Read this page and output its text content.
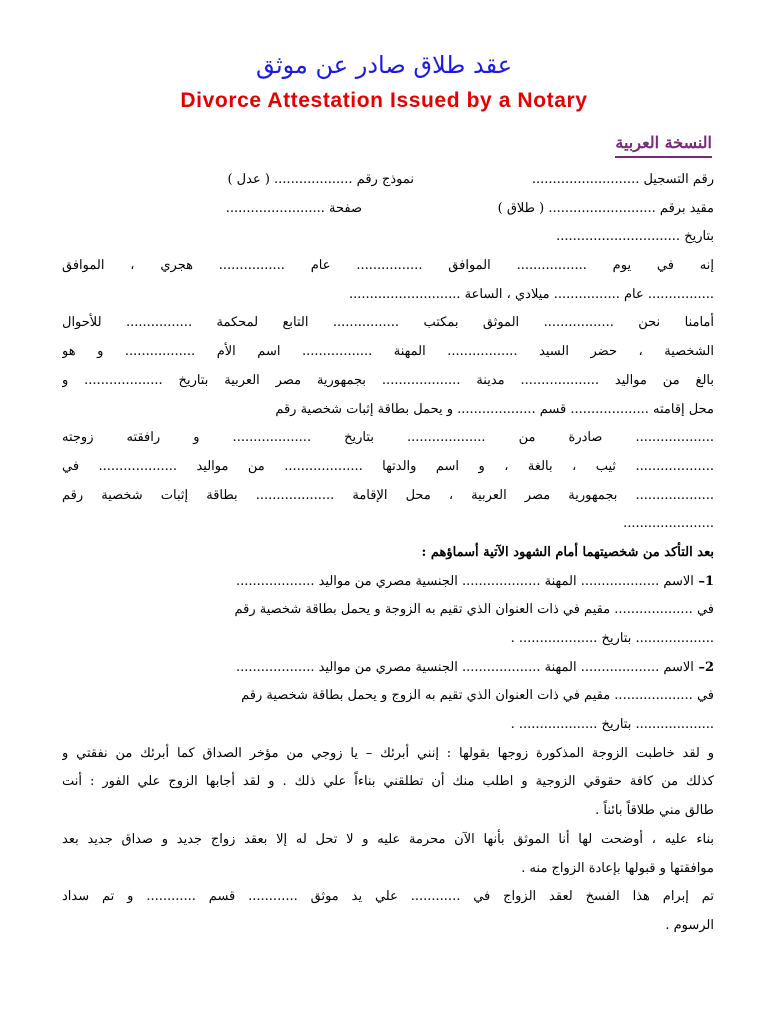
عقد طلاق صادر عن موثق
Divorce Attestation Issued by a Notary
النسخة العربية
رقم التسجيل ..........................
نموذج رقم ................... ( عدل )
مقيد برقم .......................... ( طلاق )
صفحة ........................
بتاريخ ..............................
إنه في يوم ................. الموافق ................ عام ................ هجري ، الموافق
................ عام ................ ميلادي ، الساعة ...........................
أمامنا نحن ................. الموثق بمكتب ................ التابع لمحكمة ................ للأحوال
الشخصية ، حضر السيد ................. المهنة ................. اسم الأم ................. و هو
بالغ من مواليد ................... مدينة ................... بجمهورية مصر العربية بتاريخ ................... و
محل إقامته ................... قسم ................... و يحمل بطاقة إثبات شخصية رقم
................... صادرة من ................... بتاريخ ................... و رافقته زوجته
................... ثيب ، بالغة ، و اسم والدتها ................... من مواليد ................... في
................... بجمهورية مصر العربية ، محل الإقامة ................... بطاقة إثبات شخصية رقم
......................
بعد التأكد من شخصيتهما أمام الشهود الآتية أسماؤهم :
1– الاسم ................... المهنة ................... الجنسية مصري من مواليد ...................
في ................... مقيم في ذات العنوان الذي تقيم به الزوجة و يحمل بطاقة شخصية رقم
................... بتاريخ ................... .
2– الاسم ................... المهنة ................... الجنسية مصري من مواليد ...................
في ................... مقيم في ذات العنوان الذي تقيم به الزوج و يحمل بطاقة شخصية رقم
................... بتاريخ ................... .
و لقد خاطبت الزوجة المذكورة زوجها بقولها : إنني أبرئك – يا زوجي من مؤخر الصداق كما أبرئك من نفقتي و
كذلك من كافة حقوقي الزوجية و اطلب منك أن تطلقني بناءاً علي ذلك . و لقد أجابها الزوج علي الفور : أنت
طالق مني طلاقاً بائناً .
بناء عليه ، أوضحت لها أنا الموثق بأنها الآن محرمة عليه و لا تحل له إلا بعقد زواج جديد و صداق جديد بعد
موافقتها و قبولها بإعادة الزواج منه .
تم إبرام هذا الفسخ لعقد الزواج في ............ علي يد موثق ............ قسم ............ و تم سداد
الرسوم .
